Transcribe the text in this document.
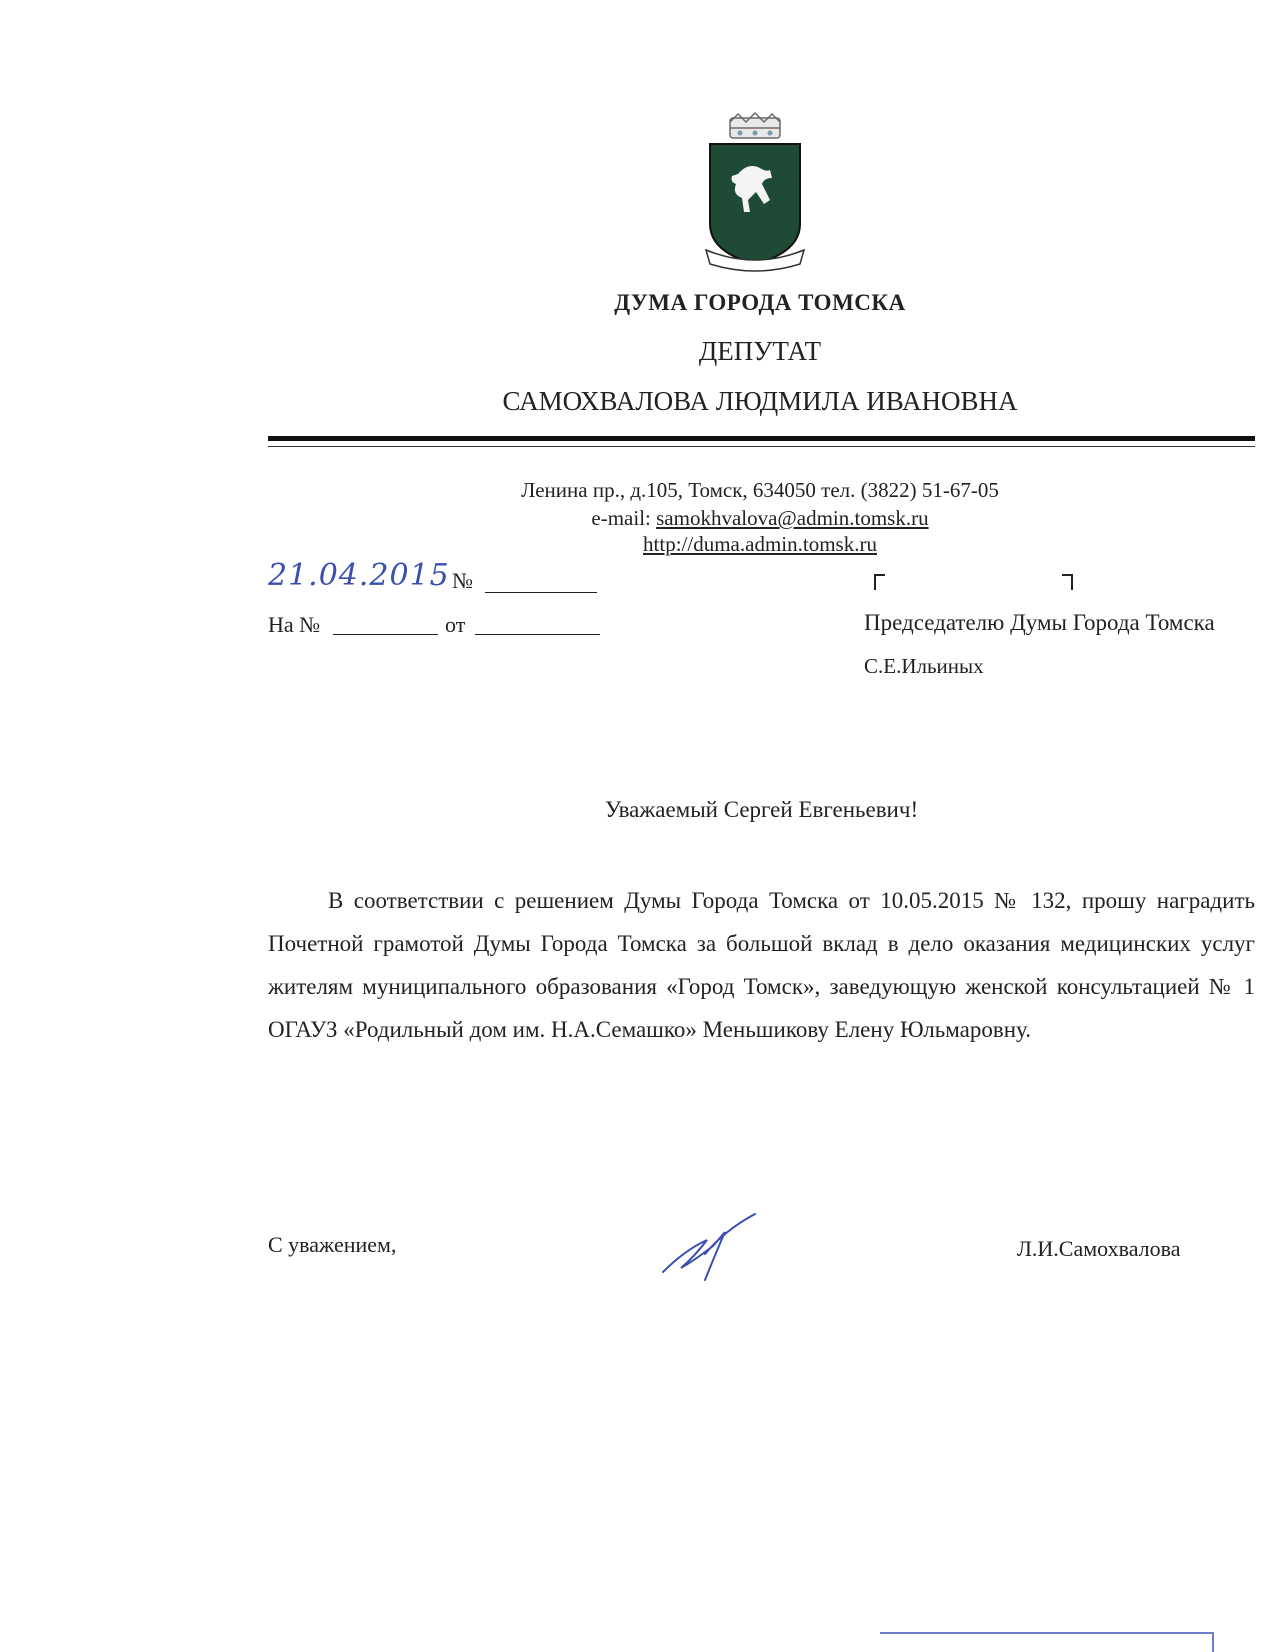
ДУМА ГОРОДА ТОМСКА
ДЕПУТАТ
САМОХВАЛОВА ЛЮДМИЛА ИВАНОВНА
Ленина пр., д.105, Томск, 634050 тел. (3822) 51-67-05
e-mail: samokhvalova@admin.tomsk.ru
http://duma.admin.tomsk.ru
21.04.2015 №
На №	от	Председателю Думы Города Томска
С.Е.Ильиных
Уважаемый Сергей Евгеньевич!
В соответствии с решением Думы Города Томска от 10.05.2015 № 132, прошу наградить Почетной грамотой Думы Города Томска за большой вклад в дело оказания медицинских услуг жителям муниципального образования «Город Томск», заведующую женской консультацией № 1 ОГАУЗ «Родильный дом им. Н.А.Семашко» Меньшикову Елену Юльмаровну.
С уважением,	Л.И.Самохвалова
